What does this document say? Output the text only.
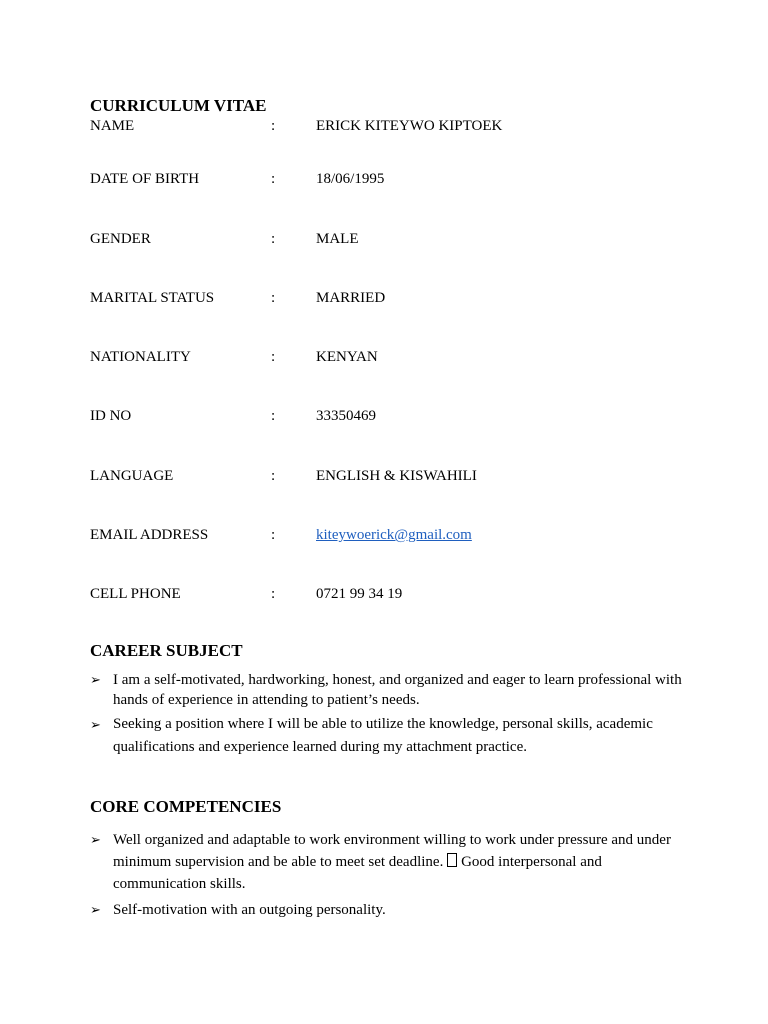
CURRICULUM VITAE
NAME	:	ERICK KITEYWO KIPTOEK
DATE OF BIRTH	:	18/06/1995
GENDER	:	MALE
MARITAL STATUS	:	MARRIED
NATIONALITY	:	KENYAN
ID NO	:	33350469
LANGUAGE	:	ENGLISH & KISWAHILI
EMAIL ADDRESS	:	kiteywoerick@gmail.com
CELL PHONE	:	0721 99 34 19
CAREER SUBJECT
➢ I am a self-motivated, hardworking, honest, and organized and eager to learn professional with hands of experience in attending to patient’s needs.
➢ Seeking a position where I will be able to utilize the knowledge, personal skills, academic qualifications and experience learned during my attachment practice.
CORE COMPETENCIES
➢ Well organized and adaptable to work environment willing to work under pressure and under minimum supervision and be able to meet set deadline. Good interpersonal and communication skills.
➢ Self-motivation with an outgoing personality.
